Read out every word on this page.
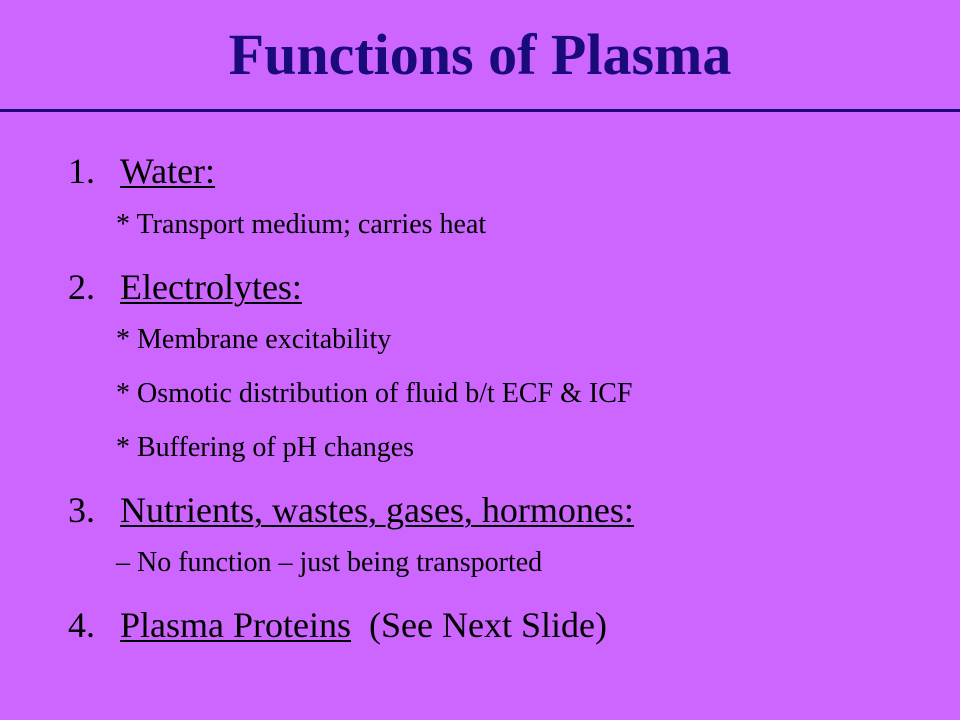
Functions of Plasma
1. Water:
* Transport medium; carries heat
2. Electrolytes:
* Membrane excitability
* Osmotic distribution of fluid b/t ECF & ICF
* Buffering of pH changes
3. Nutrients, wastes, gases, hormones:
– No function – just being transported
4. Plasma Proteins (See Next Slide)
